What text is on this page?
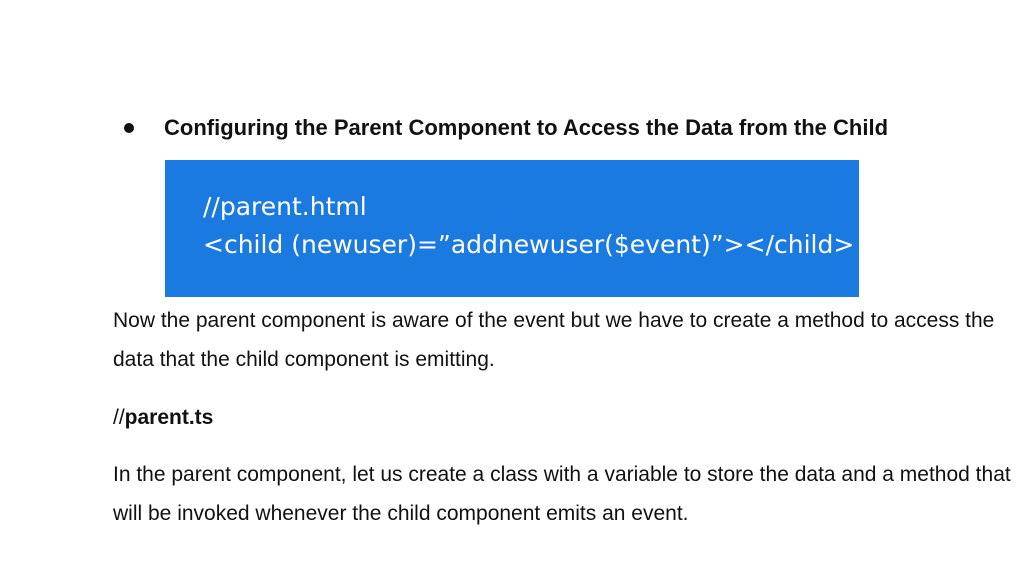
Configuring the Parent Component to Access the Data from the Child
//parent.html
<child (newuser)=”addnewuser($event)”></child>
Now the parent component is aware of the event but we have to create a method to access the data that the child component is emitting.
//parent.ts
In the parent component, let us create a class with a variable to store the data and a method that will be invoked whenever the child component emits an event.
